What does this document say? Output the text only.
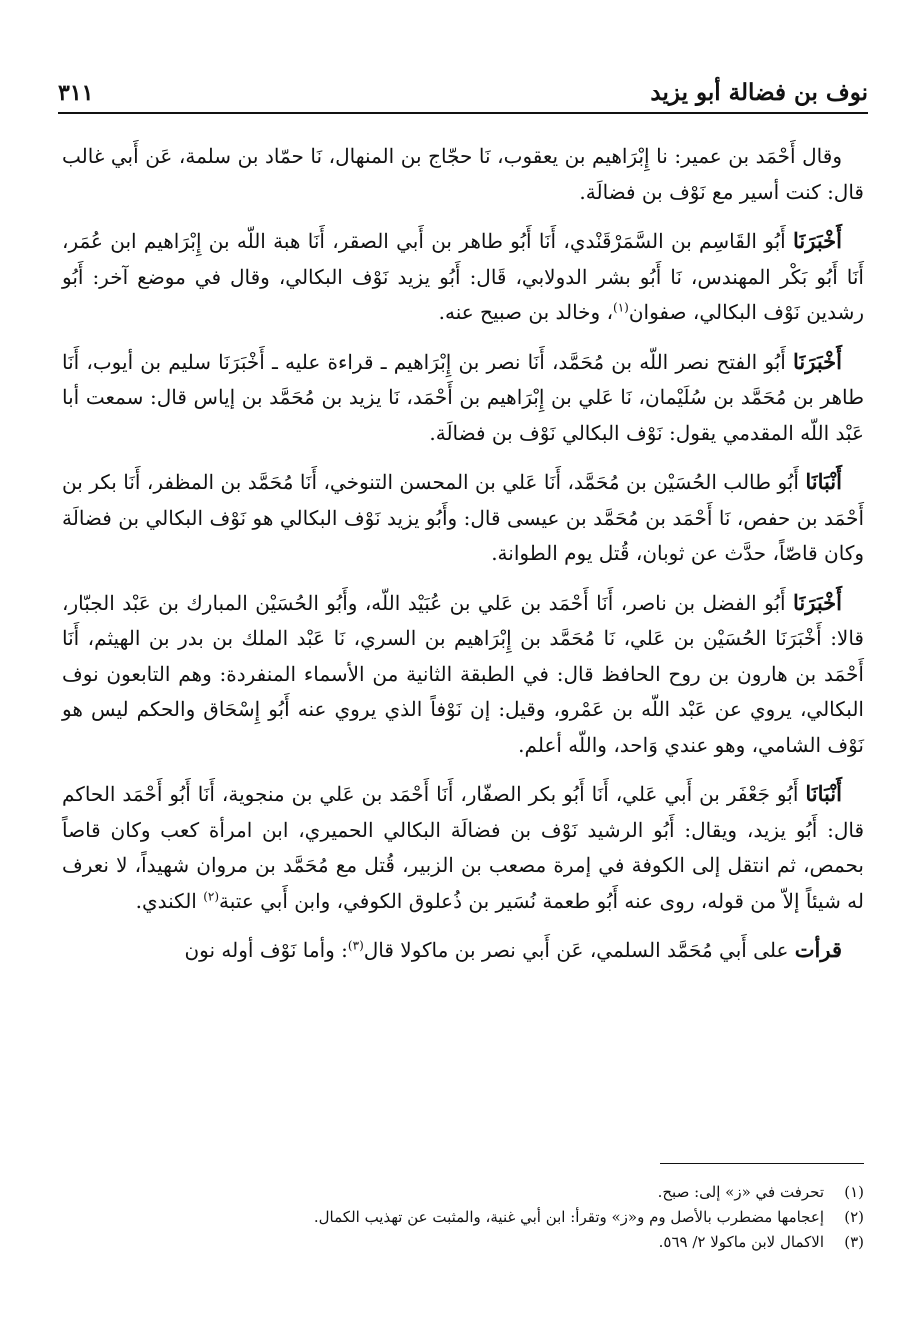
نوف بن فضالة أبو يزيد
٣١١

وقال أَحْمَد بن عمير: نا إِبْرَاهيم بن يعقوب، نَا حجّاج بن المنهال، نَا حمّاد بن سلمة، عَن أَبي غالب قال: كنت أسير مع نَوْف بن فضالَة.

أَخْبَرَنَا أَبُو القَاسِم بن السَّمَرْقَنْدي، أَنَا أَبُو طاهر بن أَبي الصقر، أَنَا هبة اللّه بن إِبْرَاهيم ابن عُمَر، أَنَا أَبُو بَكْر المهندس، نَا أَبُو بشر الدولابي، قَال: أَبُو يزيد نَوْف البكالي، وقال في موضع آخر: أَبُو رشدين نَوْف البكالي، صفوان$^{(١)}$، وخالد بن صبيح عنه.

أَخْبَرَنَا أَبُو الفتح نصر اللّه بن مُحَمَّد، أَنَا نصر بن إِبْرَاهيم ـ قراءة عليه ـ أَخْبَرَنَا سليم بن أيوب، أَنَا طاهر بن مُحَمَّد بن سُلَيْمان، نَا عَلي بن إِبْرَاهيم بن أَحْمَد، نَا يزيد بن مُحَمَّد بن إياس قال: سمعت أبا عَبْد اللّه المقدمي يقول: نَوْف البكالي نَوْف بن فضالَة.

أَنْبَانَا أَبُو طالب الحُسَيْن بن مُحَمَّد، أَنَا عَلي بن المحسن التنوخي، أَنَا مُحَمَّد بن المظفر، أَنَا بكر بن أَحْمَد بن حفص، نَا أَحْمَد بن مُحَمَّد بن عيسى قال: وأَبُو يزيد نَوْف البكالي هو نَوْف البكالي بن فضالَة وكان قاصّاً، حدَّث عن ثوبان، قُتل يوم الطوانة.

أَخْبَرَنَا أَبُو الفضل بن ناصر، أَنَا أَحْمَد بن عَلي بن عُبَيْد اللّه، وأَبُو الحُسَيْن المبارك بن عَبْد الجبّار، قالا: أَخْبَرَنَا الحُسَيْن بن عَلي، نَا مُحَمَّد بن إِبْرَاهيم بن السري، نَا عَبْد الملك بن بدر بن الهيثم، أَنَا أَحْمَد بن هارون بن روح الحافظ قال: في الطبقة الثانية من الأسماء المنفردة: وهم التابعون نوف البكالي، يروي عن عَبْد اللّه بن عَمْرو، وقيل: إن نَوْفاً الذي يروي عنه أَبُو إِسْحَاق والحكم ليس هو نَوْف الشامي، وهو عندي وَاحد، واللّه أعلم.

أَنْبَانَا أَبُو جَعْفَر بن أَبي عَلي، أَنَا أَبُو بكر الصفّار، أَنَا أَحْمَد بن عَلي بن منجوية، أَنَا أَبُو أَحْمَد الحاكم قال: أَبُو يزيد، ويقال: أَبُو الرشيد نَوْف بن فضالَة البكالي الحميري، ابن امرأة كعب وكان قاصاً بحمص، ثم انتقل إلى الكوفة في إمرة مصعب بن الزبير، قُتل مع مُحَمَّد بن مروان شهيداً، لا نعرف له شيئاً إلاّ من قوله، روى عنه أَبُو طعمة نُسَير بن ذُعلوق الكوفي، وابن أَبي عتبة$^{(٢)}$ الكندي.

قرأت على أَبي مُحَمَّد السلمي، عَن أَبي نصر بن ماكولا قال$^{(٣)}$: وأما نَوْف أوله نون

(١)
تحرفت في «ز» إلى: صبح.
(٢)
إعجامها مضطرب بالأصل وم و«ز» وتقرأ: ابن أبي غنية، والمثبت عن تهذيب الكمال.
(٣)
الاكمال لابن ماكولا ٢/ ٥٦٩.
